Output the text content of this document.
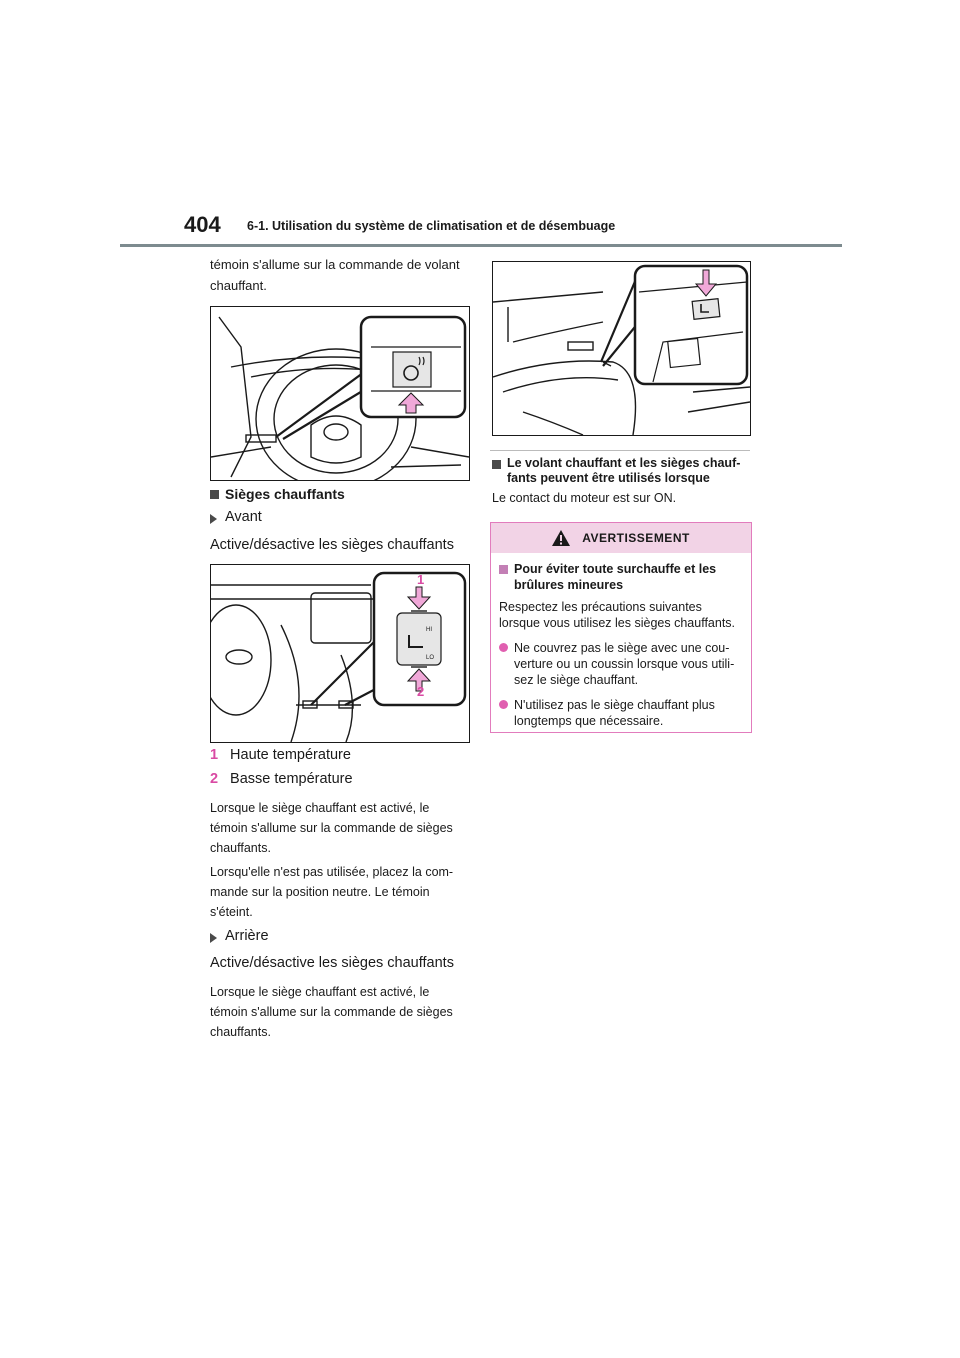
404 6-1. Utilisation du système de climatisation et de désembuage
témoin s'allume sur la commande de volant
chauffant.
Sièges chauffants
Avant
Active/désactive les sièges chauffants
1
2
HI
LO
1 Haute température
2 Basse température
Lorsque le siège chauffant est activé, le
témoin s'allume sur la commande de sièges
chauffants.
Lorsqu'elle n'est pas utilisée, placez la com-
mande sur la position neutre. Le témoin
s'éteint.
Arrière
Active/désactive les sièges chauffants
Lorsque le siège chauffant est activé, le
témoin s'allume sur la commande de sièges
chauffants.
Le volant chauffant et les sièges chauf-
fants peuvent être utilisés lorsque
Le contact du moteur est sur ON.
AVERTISSEMENT
Pour éviter toute surchauffe et les
brûlures mineures
Respectez les précautions suivantes
lorsque vous utilisez les sièges chauffants.
Ne couvrez pas le siège avec une cou-
verture ou un coussin lorsque vous utili-
sez le siège chauffant.
N'utilisez pas le siège chauffant plus
longtemps que nécessaire.
